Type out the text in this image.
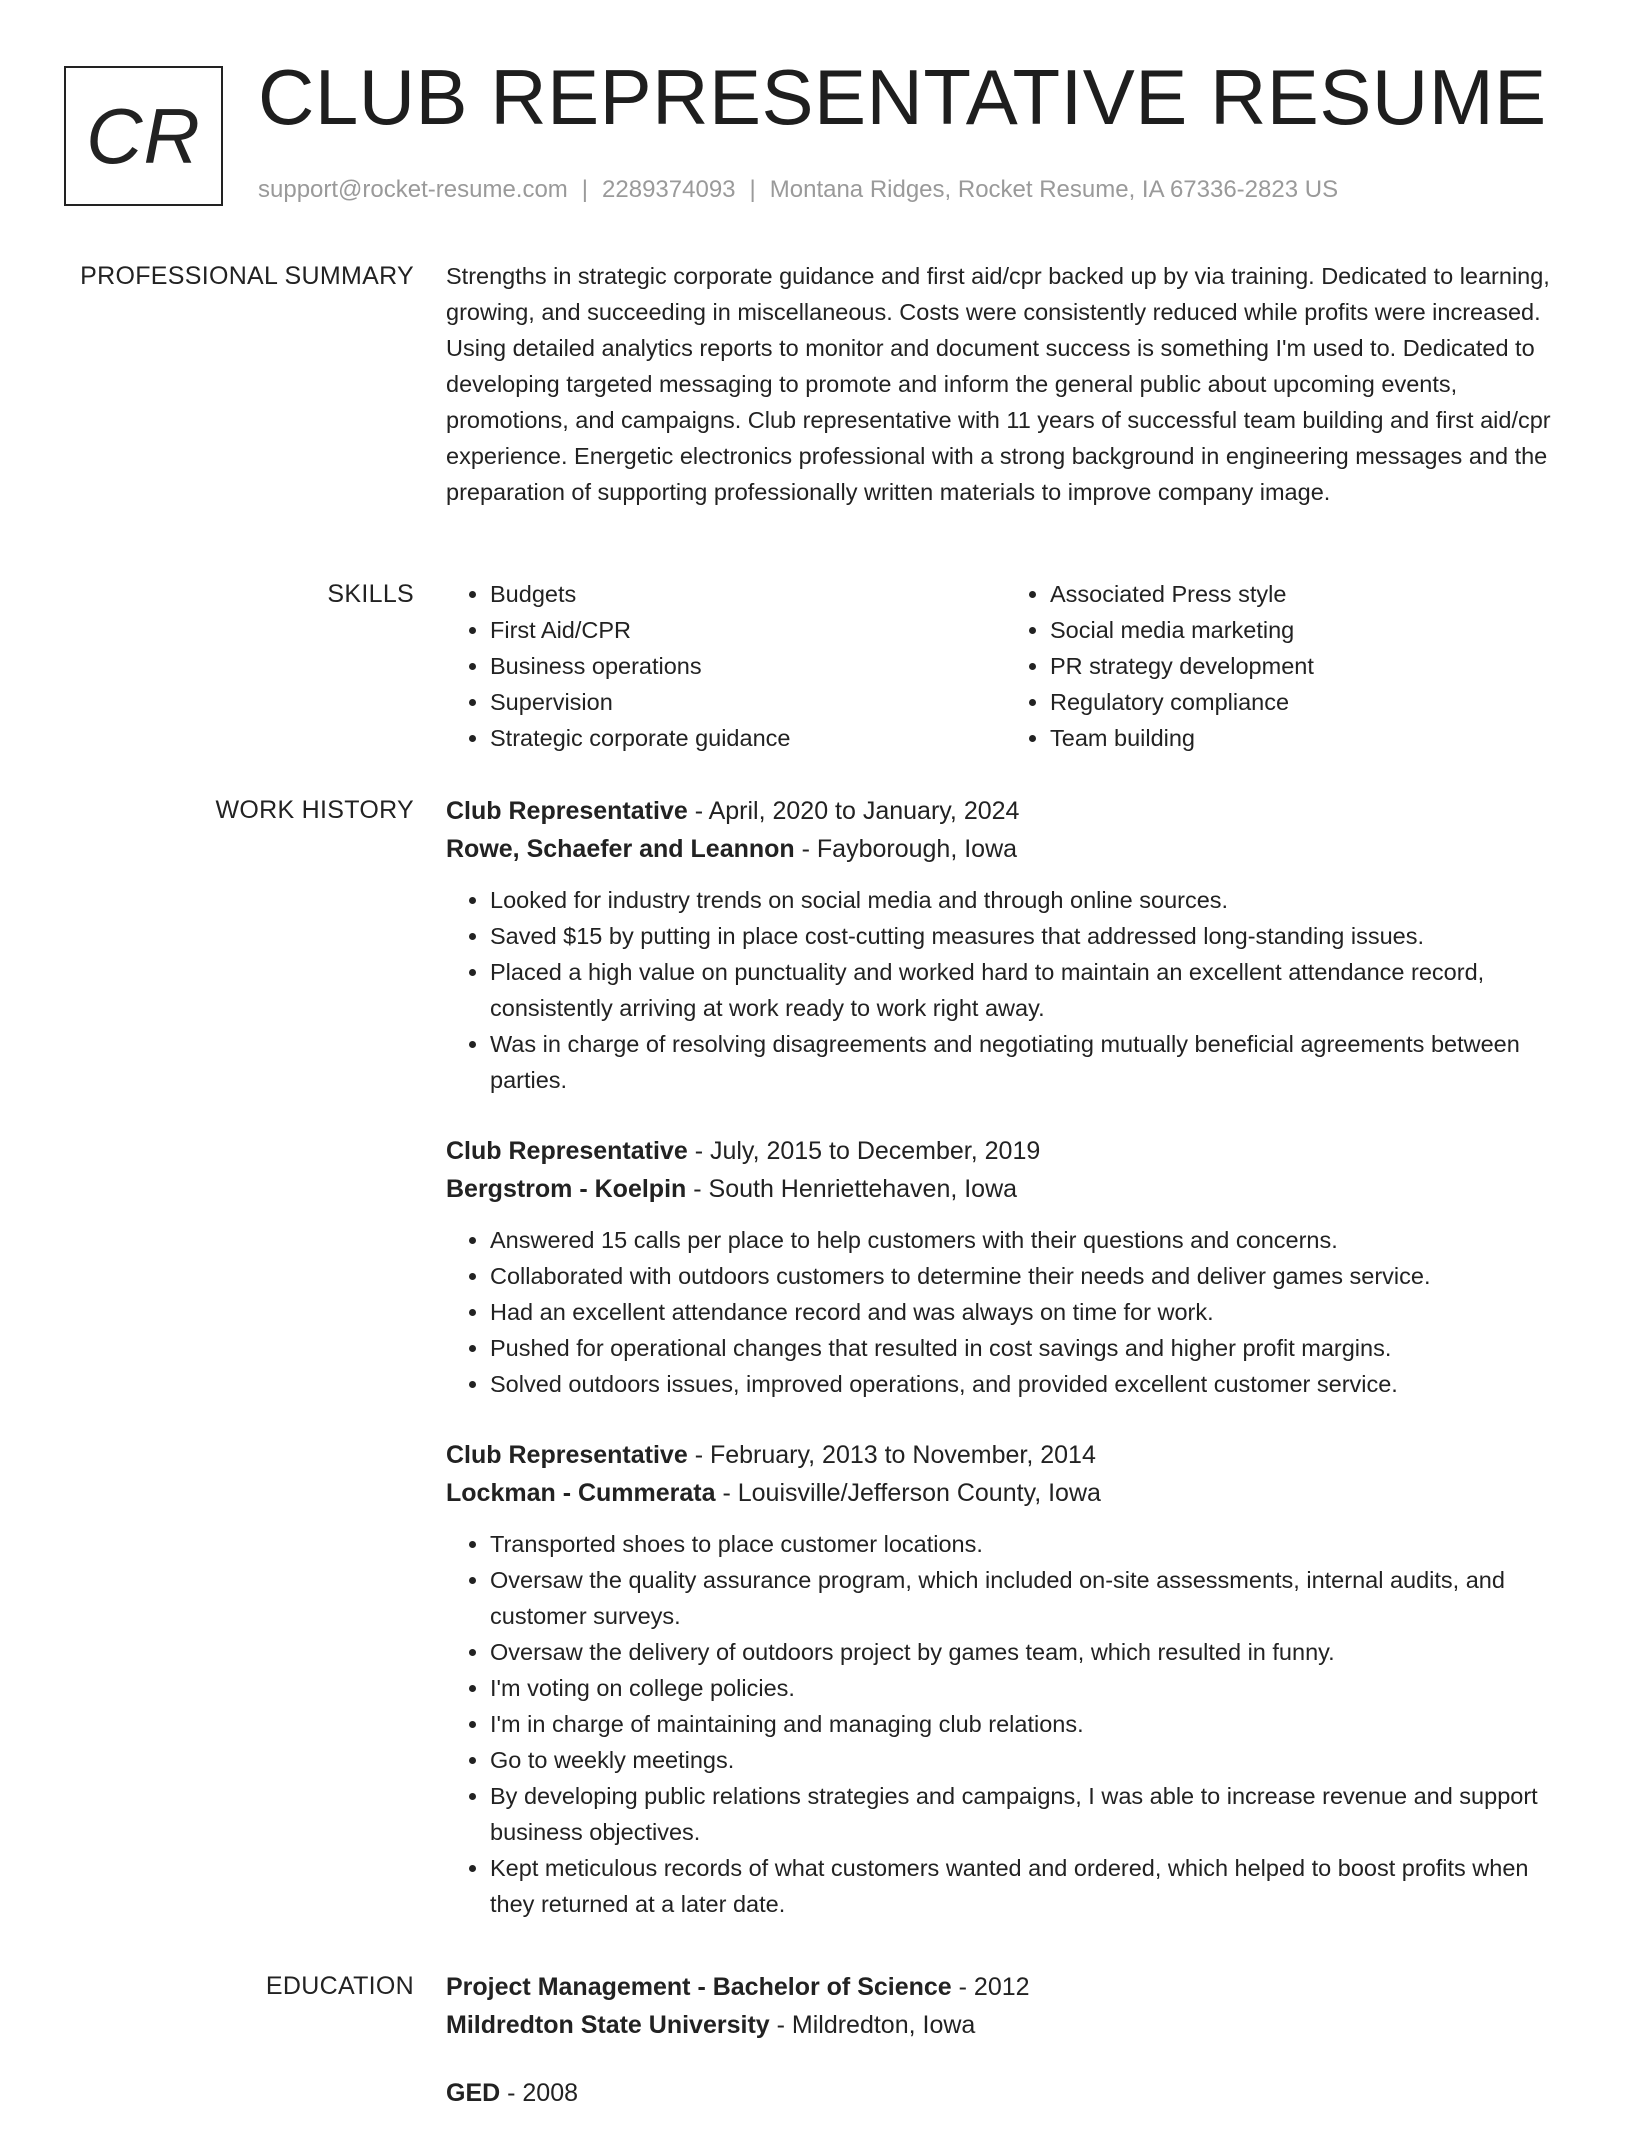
CR CLUB REPRESENTATIVE RESUME
support@rocket-resume.com | 2289374093 | Montana Ridges, Rocket Resume, IA 67336-2823 US
PROFESSIONAL SUMMARY Strengths in strategic corporate guidance and first aid/cpr backed up by via training. Dedicated to learning, growing, and succeeding in miscellaneous. Costs were consistently reduced while profits were increased. Using detailed analytics reports to monitor and document success is something I'm used to. Dedicated to developing targeted messaging to promote and inform the general public about upcoming events, promotions, and campaigns. Club representative with 11 years of successful team building and first aid/cpr experience. Energetic electronics professional with a strong background in engineering messages and the preparation of supporting professionally written materials to improve company image.

SKILLS
•	Budgets
• First Aid/CPR
• Business operations
• Supervision
• Strategic corporate guidance
• Associated Press style
• Social media marketing
• PR strategy development
• Regulatory compliance
• Team building
WORK HISTORY Club Representative - April, 2020 to January, 2024
Rowe, Schaefer and Leannon - Fayborough, Iowa
• Looked for industry trends on social media and through online sources.
• Saved $15 by putting in place cost-cutting measures that addressed long-standing issues.
• Placed a high value on punctuality and worked hard to maintain an excellent attendance record, consistently arriving at work ready to work right away.
• Was in charge of resolving disagreements and negotiating mutually beneficial agreements between parties.
Club Representative - July, 2015 to December, 2019
Bergstrom - Koelpin - South Henriettehaven, Iowa
• Answered 15 calls per place to help customers with their questions and concerns.
• Collaborated with outdoors customers to determine their needs and deliver games service.
• Had an excellent attendance record and was always on time for work.
• Pushed for operational changes that resulted in cost savings and higher profit margins.
• Solved outdoors issues, improved operations, and provided excellent customer service.
Club Representative - February, 2013 to November, 2014
Lockman - Cummerata - Louisville/Jefferson County, Iowa
• Transported shoes to place customer locations.
• Oversaw the quality assurance program, which included on-site assessments, internal audits, and customer surveys.
• Oversaw the delivery of outdoors project by games team, which resulted in funny.
• I'm voting on college policies.
• I'm in charge of maintaining and managing club relations.
• Go to weekly meetings.
• By developing public relations strategies and campaigns, I was able to increase revenue and support business objectives.
• Kept meticulous records of what customers wanted and ordered, which helped to boost profits when they returned at a later date.
EDUCATION Project Management - Bachelor of Science - 2012
Mildredton State University - Mildredton, Iowa
GED - 2008
